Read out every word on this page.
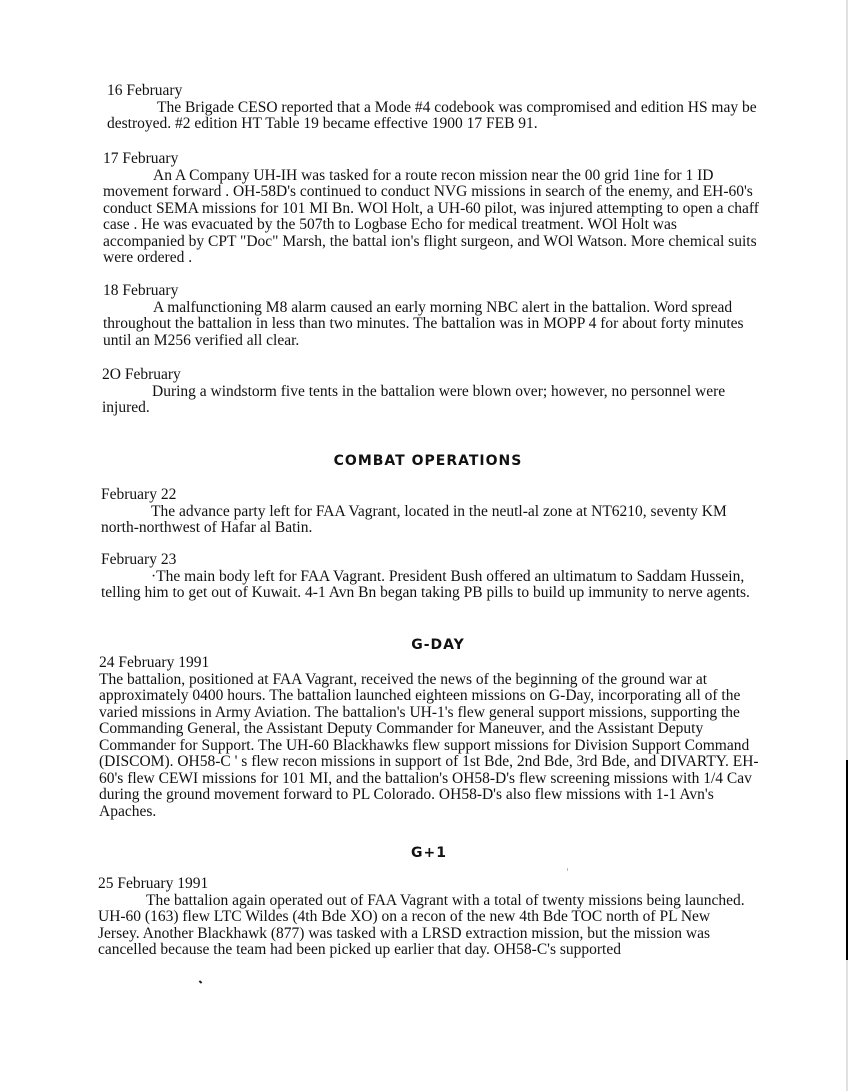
16 February
The Brigade CESO reported that a Mode #4 codebook was compromised and edition HS may be destroyed. #2 edition HT Table 19 became effective 1900 17 FEB 91.
17 February
An A Company UH-IH was tasked for a route recon mission near the 00 grid 1ine for 1 ID movement forward . OH-58D's continued to conduct NVG missions in search of the enemy, and EH-60's conduct SEMA missions for 101 MI Bn. WOl Holt, a UH-60 pilot, was injured attempting to open a chaff case . He was evacuated by the 507th to Logbase Echo for medical treatment. WOl Holt was accompanied by CPT "Doc" Marsh, the battal ion's flight surgeon, and WOl Watson. More chemical suits were ordered .
18 February
A malfunctioning M8 alarm caused an early morning NBC alert in the battalion. Word spread throughout the battalion in less than two minutes. The battalion was in MOPP 4 for about forty minutes until an M256 verified all clear.
2O February
During a windstorm five tents in the battalion were blown over; however, no personnel were injured.
COMBAT OPERATIONS
February 22
The advance party left for FAA Vagrant, located in the neutl-al zone at NT6210, seventy KM north-northwest of Hafar al Batin.
February 23
·The main body left for FAA Vagrant. President Bush offered an ultimatum to Saddam Hussein, telling him to get out of Kuwait. 4-1 Avn Bn began taking PB pills to build up immunity to nerve agents.
G-DAY
24 February 1991
The battalion, positioned at FAA Vagrant, received the news of the beginning of the ground war at approximately 0400 hours. The battalion launched eighteen missions on G-Day, incorporating all of the varied missions in Army Aviation. The battalion's UH-1's flew general support missions, supporting the Commanding General, the Assistant Deputy Commander for Maneuver, and the Assistant Deputy Commander for Support. The UH-60 Blackhawks flew support missions for Division Support Command (DISCOM). OH58-C ' s flew recon missions in support of 1st Bde, 2nd Bde, 3rd Bde, and DIVARTY. EH-60's flew CEWI missions for 101 MI, and the battalion's OH58-D's flew screening missions with 1/4 Cav during the ground movement forward to PL Colorado. OH58-D's also flew missions with 1-1 Avn's Apaches.
G+1
25 February 1991
The battalion again operated out of FAA Vagrant with a total of twenty missions being launched. UH-60 (163) flew LTC Wildes (4th Bde XO) on a recon of the new 4th Bde TOC north of PL New Jersey. Another Blackhawk (877) was tasked with a LRSD extraction mission, but the mission was cancelled because the team had been picked up earlier that day. OH58-C's supported
